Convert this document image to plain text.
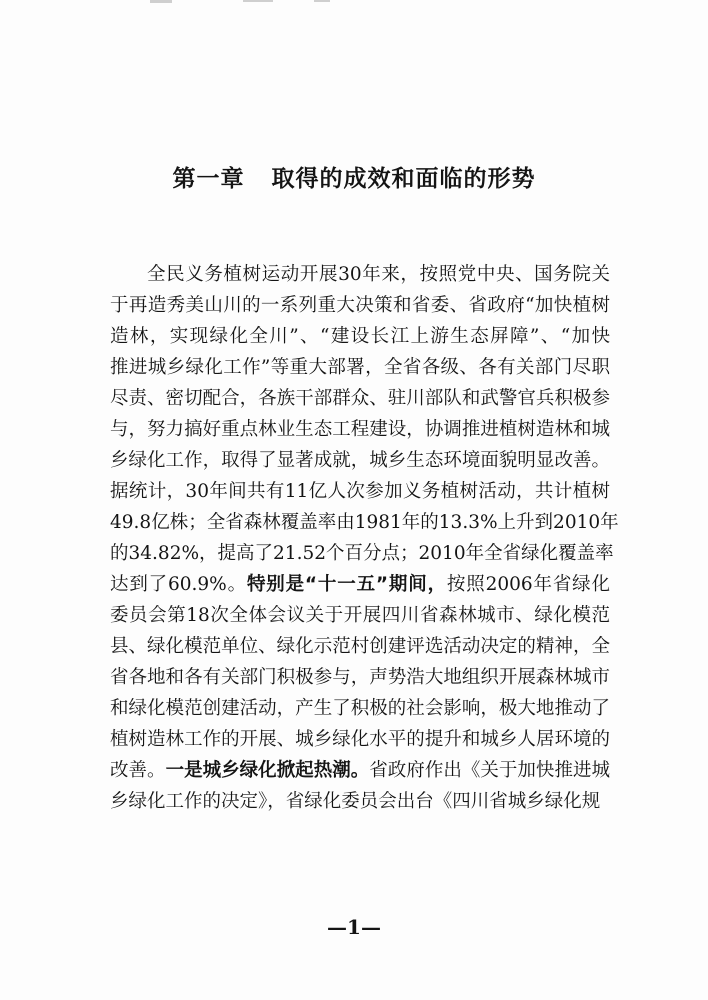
第一章   取得的成效和面临的形势
全民义务植树运动开展30年来，按照党中央、国务院关
于再造秀美山川的一系列重大决策和省委、省政府“加快植树
造林，实现绿化全川”、“建设长江上游生态屏障”、“加快
推进城乡绿化工作”等重大部署，全省各级、各有关部门尽职
尽责、密切配合，各族干部群众、驻川部队和武警官兵积极参
与，努力搞好重点林业生态工程建设，协调推进植树造林和城
乡绿化工作，取得了显著成就，城乡生态环境面貌明显改善。
据统计，30年间共有11亿人次参加义务植树活动，共计植树
49.8亿株；全省森林覆盖率由1981年的13.3%上升到2010年
的34.82%，提高了21.52个百分点；2010年全省绿化覆盖率
达到了60.9%。特别是“十一五”期间，按照2006年省绿化
委员会第18次全体会议关于开展四川省森林城市、绿化模范
县、绿化模范单位、绿化示范村创建评选活动决定的精神，全
省各地和各有关部门积极参与，声势浩大地组织开展森林城市
和绿化模范创建活动，产生了积极的社会影响，极大地推动了
植树造林工作的开展、城乡绿化水平的提升和城乡人居环境的
改善。一是城乡绿化掀起热潮。省政府作出《关于加快推进城
乡绿化工作的决定》，省绿化委员会出台《四川省城乡绿化规
—1—
